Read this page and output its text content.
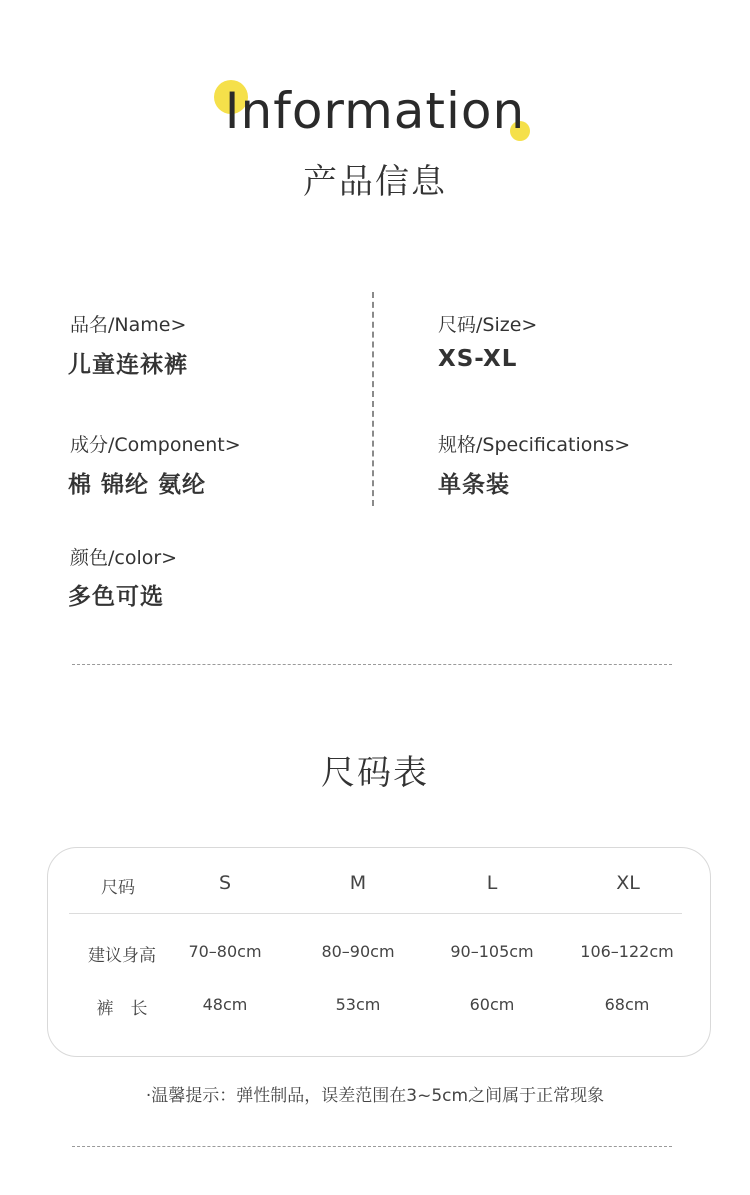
Information
产品信息
品名/Name>
儿童连袜裤
尺码/Size>
XS-XL
成分/Component>
棉 锦纶 氨纶
规格/Specifications>
单条装
颜色/color>
多色可选
尺码表
尺码	S	M	L	XL
建议身高	70–80cm	80–90cm	90–105cm	106–122cm
裤　长	48cm	53cm	60cm	68cm
·温馨提示：弹性制品，误差范围在3~5cm之间属于正常现象
